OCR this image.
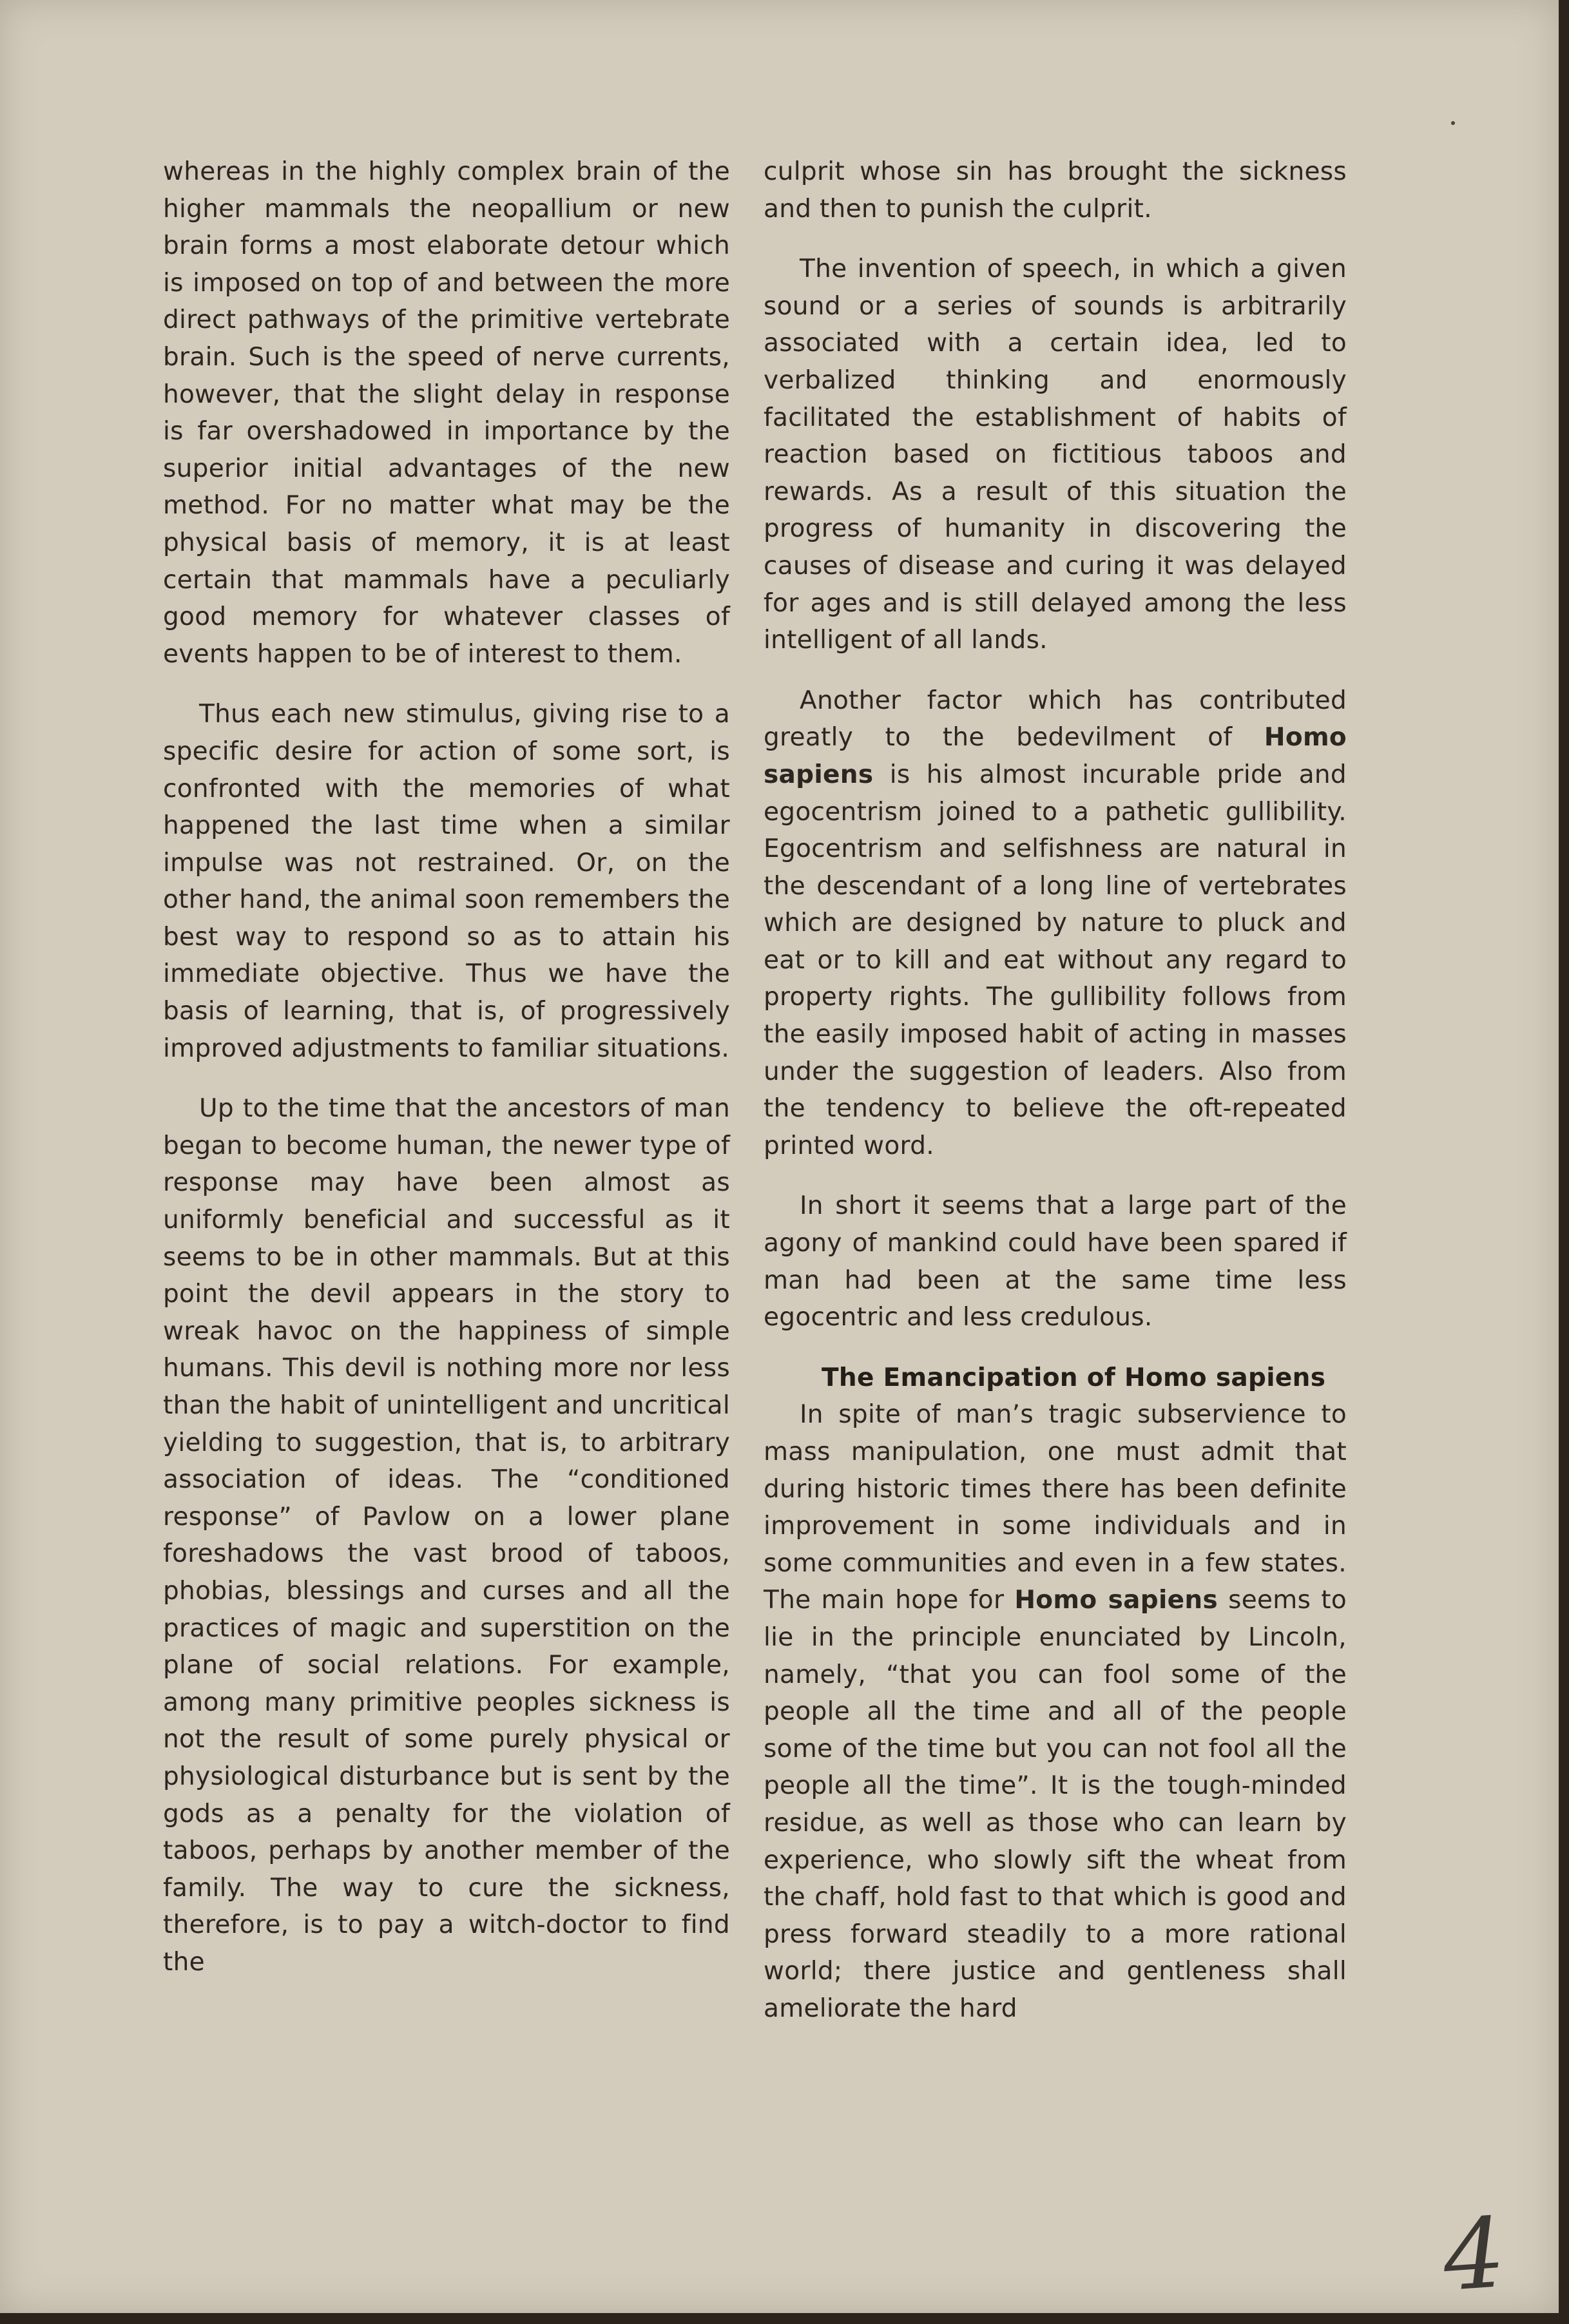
whereas in the highly complex brain of the higher mammals the neopallium or new brain forms a most elaborate detour which is imposed on top of and between the more direct pathways of the primitive vertebrate brain. Such is the speed of nerve currents, however, that the slight delay in response is far overshadowed in importance by the superior initial advantages of the new method. For no matter what may be the physical basis of memory, it is at least certain that mammals have a peculiarly good memory for whatever classes of events happen to be of interest to them.

Thus each new stimulus, giving rise to a specific desire for action of some sort, is confronted with the memories of what happened the last time when a similar impulse was not restrained. Or, on the other hand, the animal soon remembers the best way to respond so as to attain his immediate objective. Thus we have the basis of learning, that is, of progressively improved adjustments to familiar situations.

Up to the time that the ancestors of man began to become human, the newer type of response may have been almost as uniformly beneficial and successful as it seems to be in other mammals. But at this point the devil appears in the story to wreak havoc on the happiness of simple humans. This devil is nothing more nor less than the habit of unintelligent and uncritical yielding to suggestion, that is, to arbitrary association of ideas. The “conditioned response” of Pavlow on a lower plane foreshadows the vast brood of taboos, phobias, blessings and curses and all the practices of magic and superstition on the plane of social relations. For example, among many primitive peoples sickness is not the result of some purely physical or physiological disturbance but is sent by the gods as a penalty for the violation of taboos, perhaps by another member of the family. The way to cure the sickness, therefore, is to pay a witch-doctor to find the

culprit whose sin has brought the sickness and then to punish the culprit.

The invention of speech, in which a given sound or a series of sounds is arbitrarily associated with a certain idea, led to verbalized thinking and enormously facilitated the establishment of habits of reaction based on fictitious taboos and rewards. As a result of this situation the progress of humanity in discovering the causes of disease and curing it was delayed for ages and is still delayed among the less intelligent of all lands.

Another factor which has contributed greatly to the bedevilment of Homo sapiens is his almost incurable pride and egocentrism joined to a pathetic gullibility. Egocentrism and selfishness are natural in the descendant of a long line of vertebrates which are designed by nature to pluck and eat or to kill and eat without any regard to property rights. The gullibility follows from the easily imposed habit of acting in masses under the suggestion of leaders. Also from the tendency to believe the oft-repeated printed word.

In short it seems that a large part of the agony of mankind could have been spared if man had been at the same time less egocentric and less credulous.

The Emancipation of Homo sapiens

In spite of man’s tragic subservience to mass manipulation, one must admit that during historic times there has been definite improvement in some individuals and in some communities and even in a few states. The main hope for Homo sapiens seems to lie in the principle enunciated by Lincoln, namely, “that you can fool some of the people all the time and all of the people some of the time but you can not fool all the people all the time”. It is the tough-minded residue, as well as those who can learn by experience, who slowly sift the wheat from the chaff, hold fast to that which is good and press forward steadily to a more rational world; there justice and gentleness shall ameliorate the hard

4
